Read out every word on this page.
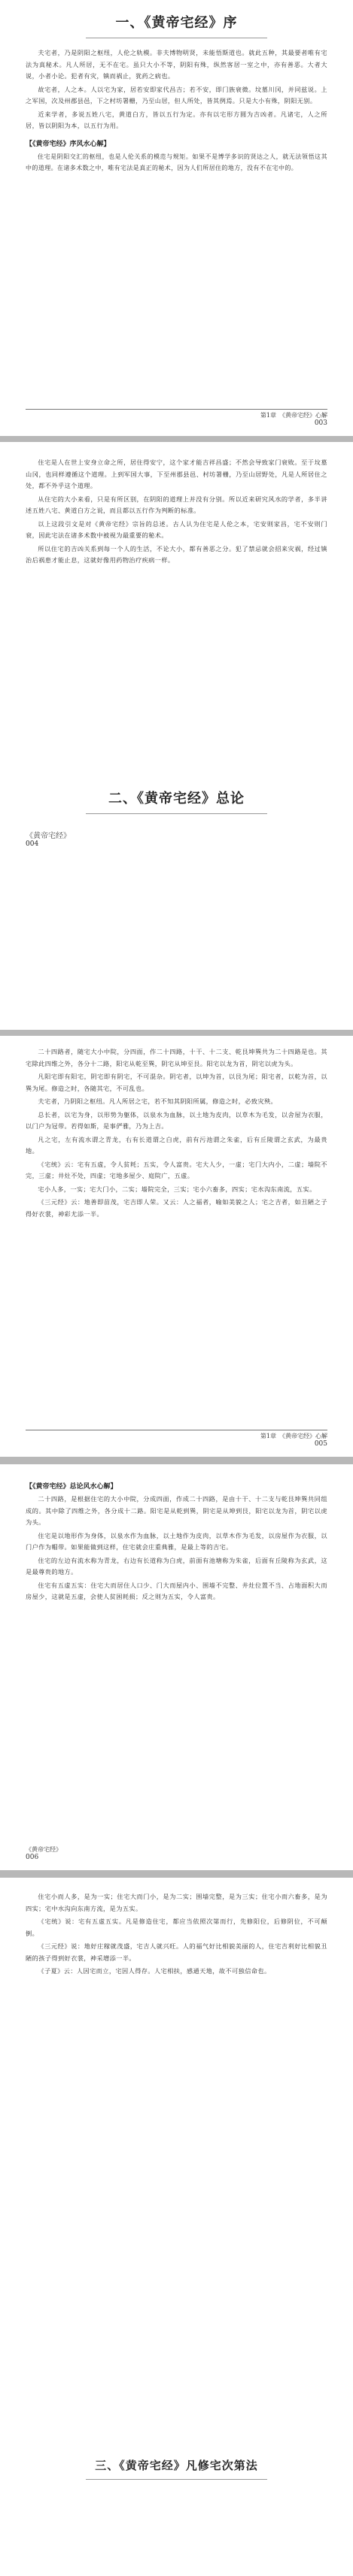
一、《黄帝宅经》序

夫宅者，乃是阴阳之枢纽，人伦之轨模。非夫博物明贤，未能悟斯道也。就此五种，其最要者唯有宅法为真秘术。凡人所居，无不在宅。虽只大小不等，阴阳有殊，纵然客居一室之中，亦有善恶。大者大说，小者小论。犯者有灾，镇而祸止，犹药之病也。

故宅者，人之本。人以宅为家，居若安即家代昌吉；若不安，即门族衰微。坟墓川冈，并同兹说。上之军国，次及州郡县邑，下之村坊署栅，乃至山居，但人所处，皆其例焉。只是大小有殊，阴阳无别。

近来学者，多说五姓八宅，黄道白方，皆以五行为定。亦有以宅形方圆为吉凶者。凡诸宅，人之所居，皆以阴阳为本，以五行为用。

【《黄帝宅经》序风水心解】

住宅是阴阳交汇的枢纽，也是人伦关系的模范与规矩。如果不是博学多识的贤达之人，就无法领悟这其中的道理。在诸多术数之中，唯有宅法是真正的秘术，因为人们所居住的地方，没有不在宅中的。

第1章　《黄帝宅经》心解
003

住宅是人在世上安身立命之所，居住得安宁，这个家才能吉祥昌盛；不然会导致家门衰败。至于坟墓山冈，也同样遵循这个道理。上到军国大事，下至州郡县邑、村坊署栅，乃至山居野处，凡是人所居住之处，都不外乎这个道理。

从住宅的大小来看，只是有所区别，在阴阳的道理上并没有分别。所以近来研究风水的学者，多半讲述五姓八宅、黄道白方之说，而且都以五行作为判断的标准。

以上这段引文是对《黄帝宅经》宗旨的总述。古人认为住宅是人伦之本，宅安则家昌，宅不安则门衰，因此宅法在诸多术数中被视为最重要的秘术。

所以住宅的吉凶关系到每一个人的生活，不论大小，都有善恶之分。犯了禁忌就会招来灾祸，经过镇治后祸患才能止息，这就好像用药物治疗疾病一样。

二、《黄帝宅经》总论
《黄帝宅经》
004

二十四路者，随宅大小中院，分四面，作二十四路，十干、十二支、乾艮坤巽共为二十四路是也。其宅除此四维之外，各分十二路，阳宅从乾至巽，阴宅从坤至艮。阳宅以龙为首，阴宅以虎为头。

凡阳宅即有阳宅，阴宅即有阴宅，不可混杂。阴宅者，以坤为首，以艮为尾；阳宅者，以乾为首，以巽为尾。修造之时，各随其宅，不可乱也。

夫宅者，乃阴阳之枢纽。凡人所居之宅，若不知其阴阳所属，修造之时，必致灾殃。

总长者，以宅为身，以形势为躯体，以泉水为血脉，以土地为皮肉，以草木为毛发，以舍屋为衣服，以门户为冠带。若得如斯，是事俨雅，乃为上吉。

凡之宅，左有流水谓之青龙，右有长道谓之白虎，前有污池谓之朱雀，后有丘陵谓之玄武，为最贵地。

《宅统》云：宅有五虚，令人贫耗；五实，令人富贵。宅大人少，一虚；宅门大内小，二虚；墙院不完，三虚；井灶不处，四虚；宅地多屋少、庭院广，五虚。

宅小人多，一实；宅大门小，二实；墙院完全，三实；宅小六畜多，四实；宅水沟东南流，五实。

《三元经》云：地善即苗茂，宅吉即人荣。又云：人之福者，喻如美貌之人；宅之吉者，如丑陋之子得好衣裳，神彩尤添一半。

第1章　《黄帝宅经》心解
005
【《黄帝宅经》总论风水心解】

二十四路，是根据住宅的大小中院，分成四面，作成二十四路，是由十干、十二支与乾艮坤巽共同组成的。其中除了四维之外，各分成十二路。阳宅是从乾到巽，阴宅是从坤到艮，阳宅以龙为首，阴宅以虎为头。

住宅是以地形作为身体，以泉水作为血脉，以土地作为皮肉，以草木作为毛发，以房屋作为衣服，以门户作为帽带。如果能做到这样，住宅就会庄重典雅，是最上等的吉宅。

住宅的左边有流水称为青龙，右边有长道称为白虎，前面有池塘称为朱雀，后面有丘陵称为玄武，这是最尊贵的地方。

住宅有五虚五实：住宅大而居住人口少、门大而屋内小、围墙不完整、井灶位置不当、占地面积大而房屋少，这就是五虚，会使人贫困耗损；反之则为五实，令人富贵。

《黄帝宅经》
006

住宅小而人多，是为一实；住宅大而门小，是为二实；围墙完整，是为三实；住宅小而六畜多，是为四实；宅中水沟向东南方流，是为五实。

《宅统》说：宅有五虚五实。凡是修造住宅，都应当依照次第而行，先修阳位，后修阴位，不可颠倒。

《三元经》说：地好庄稼就茂盛，宅吉人就兴旺。人的福气好比相貌美丽的人，住宅吉利好比相貌丑陋的孩子得到好衣裳，神采增添一半。

《子夏》云：人因宅而立，宅因人得存。人宅相扶，感通天地，故不可独信命也。

三、《黄帝宅经》凡修宅次第法
